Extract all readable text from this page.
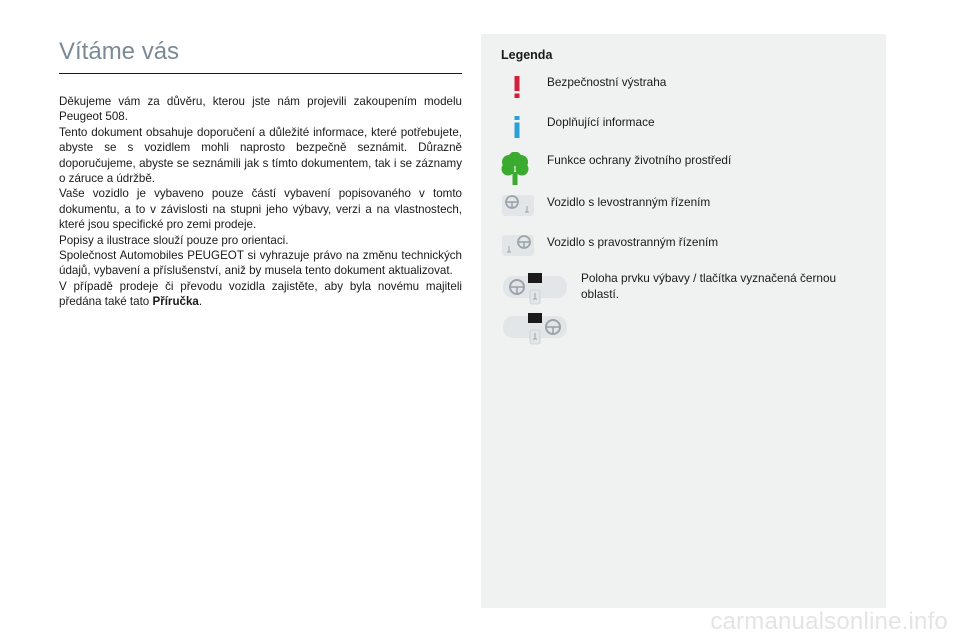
Vítáme vás

Děkujeme vám za důvěru, kterou jste nám projevili zakoupením modelu Peugeot 508.

Tento dokument obsahuje doporučení a důležité informace, které potřebujete, abyste se s vozidlem mohli naprosto bezpečně seznámit. Důrazně doporučujeme, abyste se seznámili jak s tímto dokumentem, tak i se záznamy o záruce a údržbě.

Vaše vozidlo je vybaveno pouze částí vybavení popisovaného v tomto dokumentu, a to v závislosti na stupni jeho výbavy, verzi a na vlastnostech, které jsou specifické pro zemi prodeje.

Popisy a ilustrace slouží pouze pro orientaci.

Společnost Automobiles PEUGEOT si vyhrazuje právo na změnu technických údajů, vybavení a příslušenství, aniž by musela tento dokument aktualizovat.

V případě prodeje či převodu vozidla zajistěte, aby byla novému majiteli předána také tato Příručka.

Legenda
Bezpečnostní výstraha
Doplňující informace
Funkce ochrany životního prostředí
Vozidlo s levostranným řízením
Vozidlo s pravostranným řízením
Poloha prvku výbavy / tlačítka vyznačená černou oblastí.
carmanualsonline.info
